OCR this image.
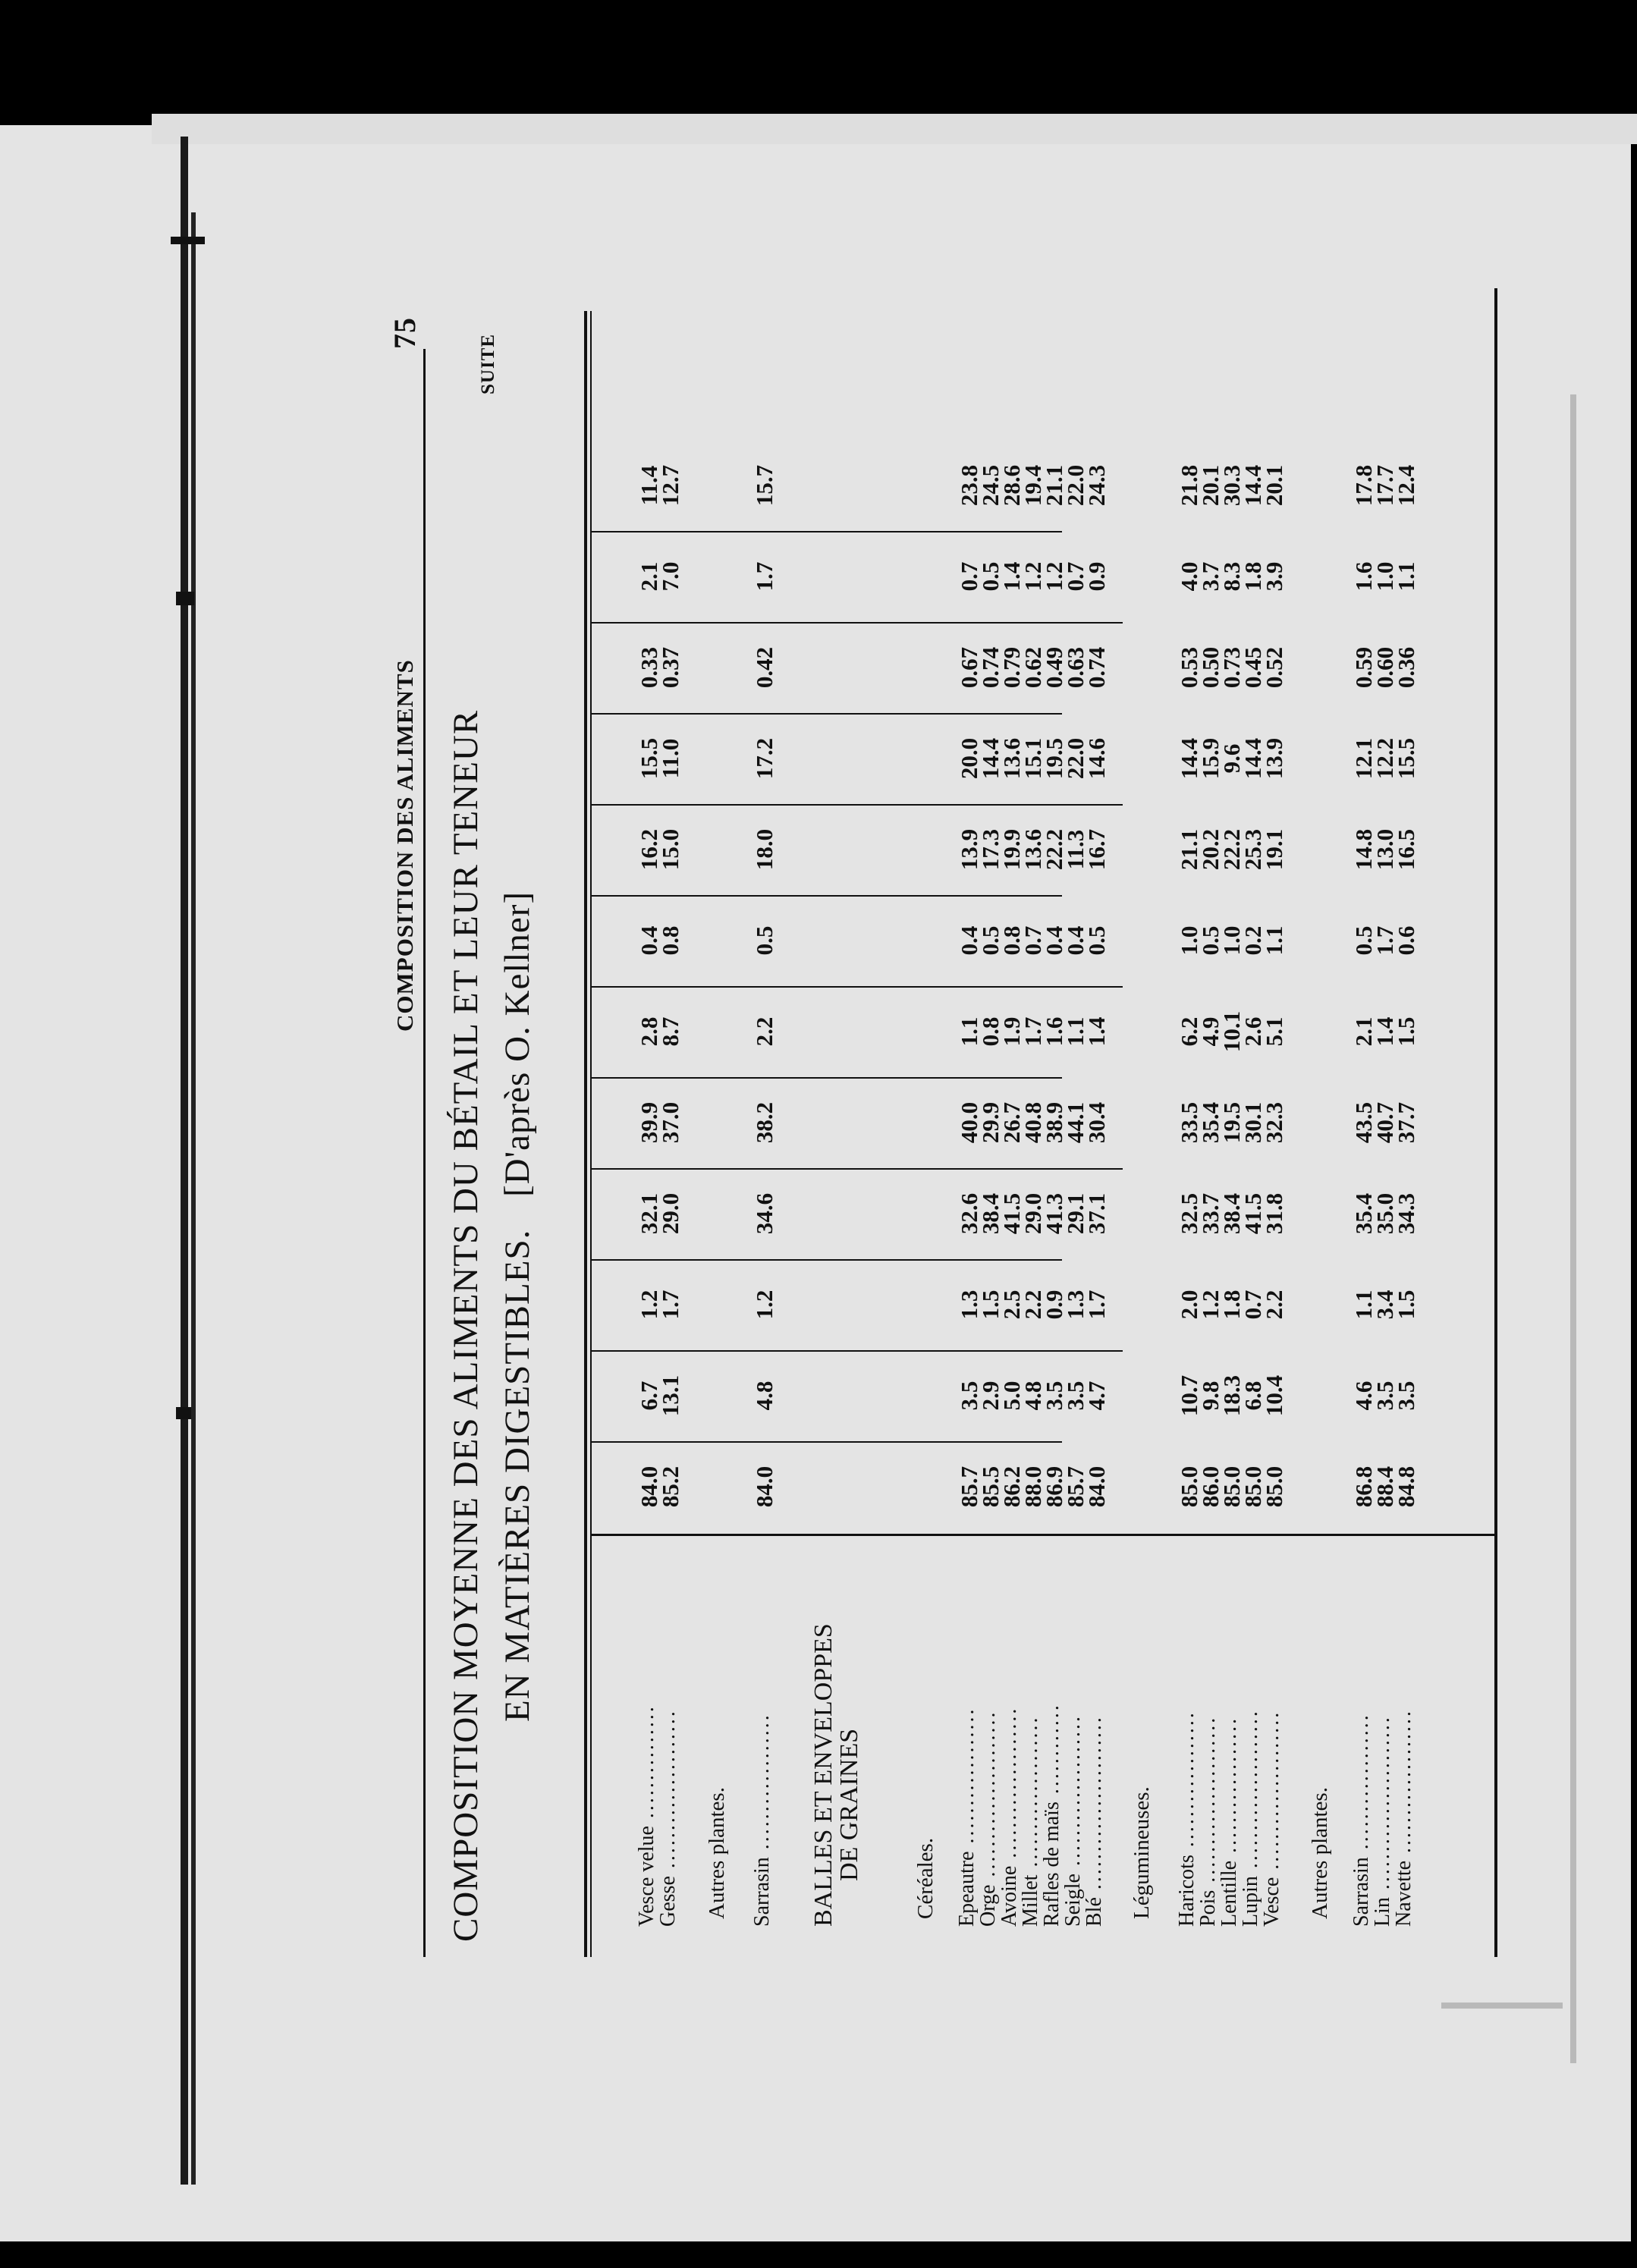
COMPOSITION DES ALIMENTS
75
COMPOSITION MOYENNE DES ALIMENTS DU BÉTAIL ET LEUR TENEUR EN MATIÈRES DIGESTIBLES. [D'après O. Kellner]
SUITE
Vesce velue ...............
Gesse ..................... Autres plantes. Sarrasin .................. BALLES ET ENVELOPPES
DE GRAINES Céréales. Epeautre ..................
Orge ......................
Avoine ....................
Millet ....................
Rafles de maïs ............
Seigle ....................
Blé ....................... Légumineuses. Haricots ..................
Pois ......................
Lentille ..................
Lupin .....................
Vesce ..................... Autres plantes. Sarrasin ..................
Lin .......................
Navette ...................
84.0
6.7
1.2
32.1
39.9
2.8
0.4
16.2
15.5
0.33
2.1
11.4
85.2
13.1
1.7
29.0
37.0
8.7
0.8
15.0
11.0
0.37
7.0
12.7
84.0
4.8
1.2
34.6
38.2
2.2
0.5
18.0
17.2
0.42
1.7
15.7
85.7
3.5
1.3
32.6
40.0
1.1
0.4
13.9
20.0
0.67
0.7
23.8
85.5
2.9
1.5
38.4
29.9
0.8
0.5
17.3
14.4
0.74
0.5
24.5
86.2
5.0
2.5
41.5
26.7
1.9
0.8
19.9
13.6
0.79
1.4
28.6
88.0
4.8
2.2
29.0
40.8
1.7
0.7
13.6
15.1
0.62
1.2
19.4
86.9
3.5
0.9
41.3
38.9
1.6
0.4
22.2
19.5
0.49
1.2
21.1
85.7
3.5
1.3
29.1
44.1
1.1
0.4
11.3
22.0
0.63
0.7
22.0
84.0
4.7
1.7
37.1
30.4
1.4
0.5
16.7
14.6
0.74
0.9
24.3
85.0
10.7
2.0
32.5
33.5
6.2
1.0
21.1
14.4
0.53
4.0
21.8
86.0
9.8
1.2
33.7
35.4
4.9
0.5
20.2
15.9
0.50
3.7
20.1
85.0
18.3
1.8
38.4
19.5
10.1
1.0
22.2
9.6
0.73
8.3
30.3
85.0
6.8
0.7
41.5
30.1
2.6
0.2
25.3
14.4
0.45
1.8
14.4
85.0
10.4
2.2
31.8
32.3
5.1
1.1
19.1
13.9
0.52
3.9
20.1
86.8
4.6
1.1
35.4
43.5
2.1
0.5
14.8
12.1
0.59
1.6
17.8
88.4
3.5
3.4
35.0
40.7
1.4
1.7
13.0
12.2
0.60
1.0
17.7
84.8
3.5
1.5
34.3
37.7
1.5
0.6
16.5
15.5
0.36
1.1
12.4
